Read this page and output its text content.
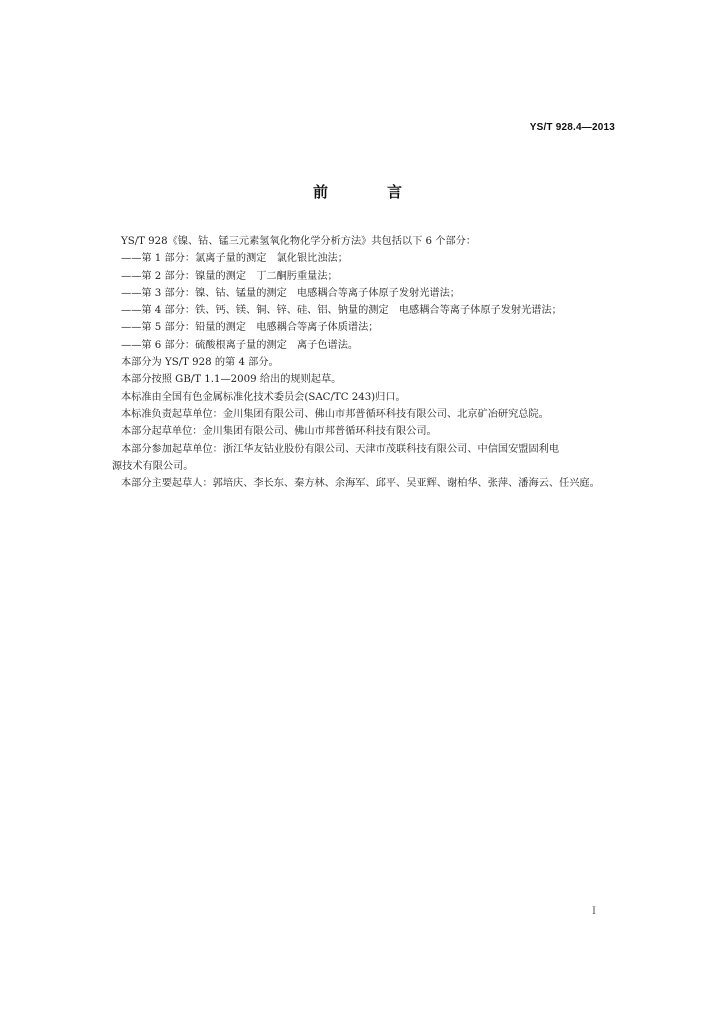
YS/T 928.4—2013
前　言

YS/T 928《镍、钴、锰三元素氢氧化物化学分析方法》共包括以下 6 个部分：

——第 1 部分：氯离子量的测定　氯化银比浊法；

——第 2 部分：镍量的测定　丁二酮肟重量法；

——第 3 部分：镍、钴、锰量的测定　电感耦合等离子体原子发射光谱法；

——第 4 部分：铁、钙、镁、铜、锌、硅、铝、钠量的测定　电感耦合等离子体原子发射光谱法；

——第 5 部分：铅量的测定　电感耦合等离子体质谱法；

——第 6 部分：硫酸根离子量的测定　离子色谱法。

本部分为 YS/T 928 的第 4 部分。

本部分按照 GB/T 1.1—2009 给出的规则起草。

本标准由全国有色金属标准化技术委员会(SAC/TC 243)归口。

本标准负责起草单位：金川集团有限公司、佛山市邦普循环科技有限公司、北京矿冶研究总院。

本部分起草单位：金川集团有限公司、佛山市邦普循环科技有限公司。

本部分参加起草单位：浙江华友钴业股份有限公司、天津市茂联科技有限公司、中信国安盟固利电

源技术有限公司。

本部分主要起草人：郭培庆、李长东、秦方林、余海军、邱平、吴亚辉、谢柏华、张萍、潘海云、任兴庭。

I
